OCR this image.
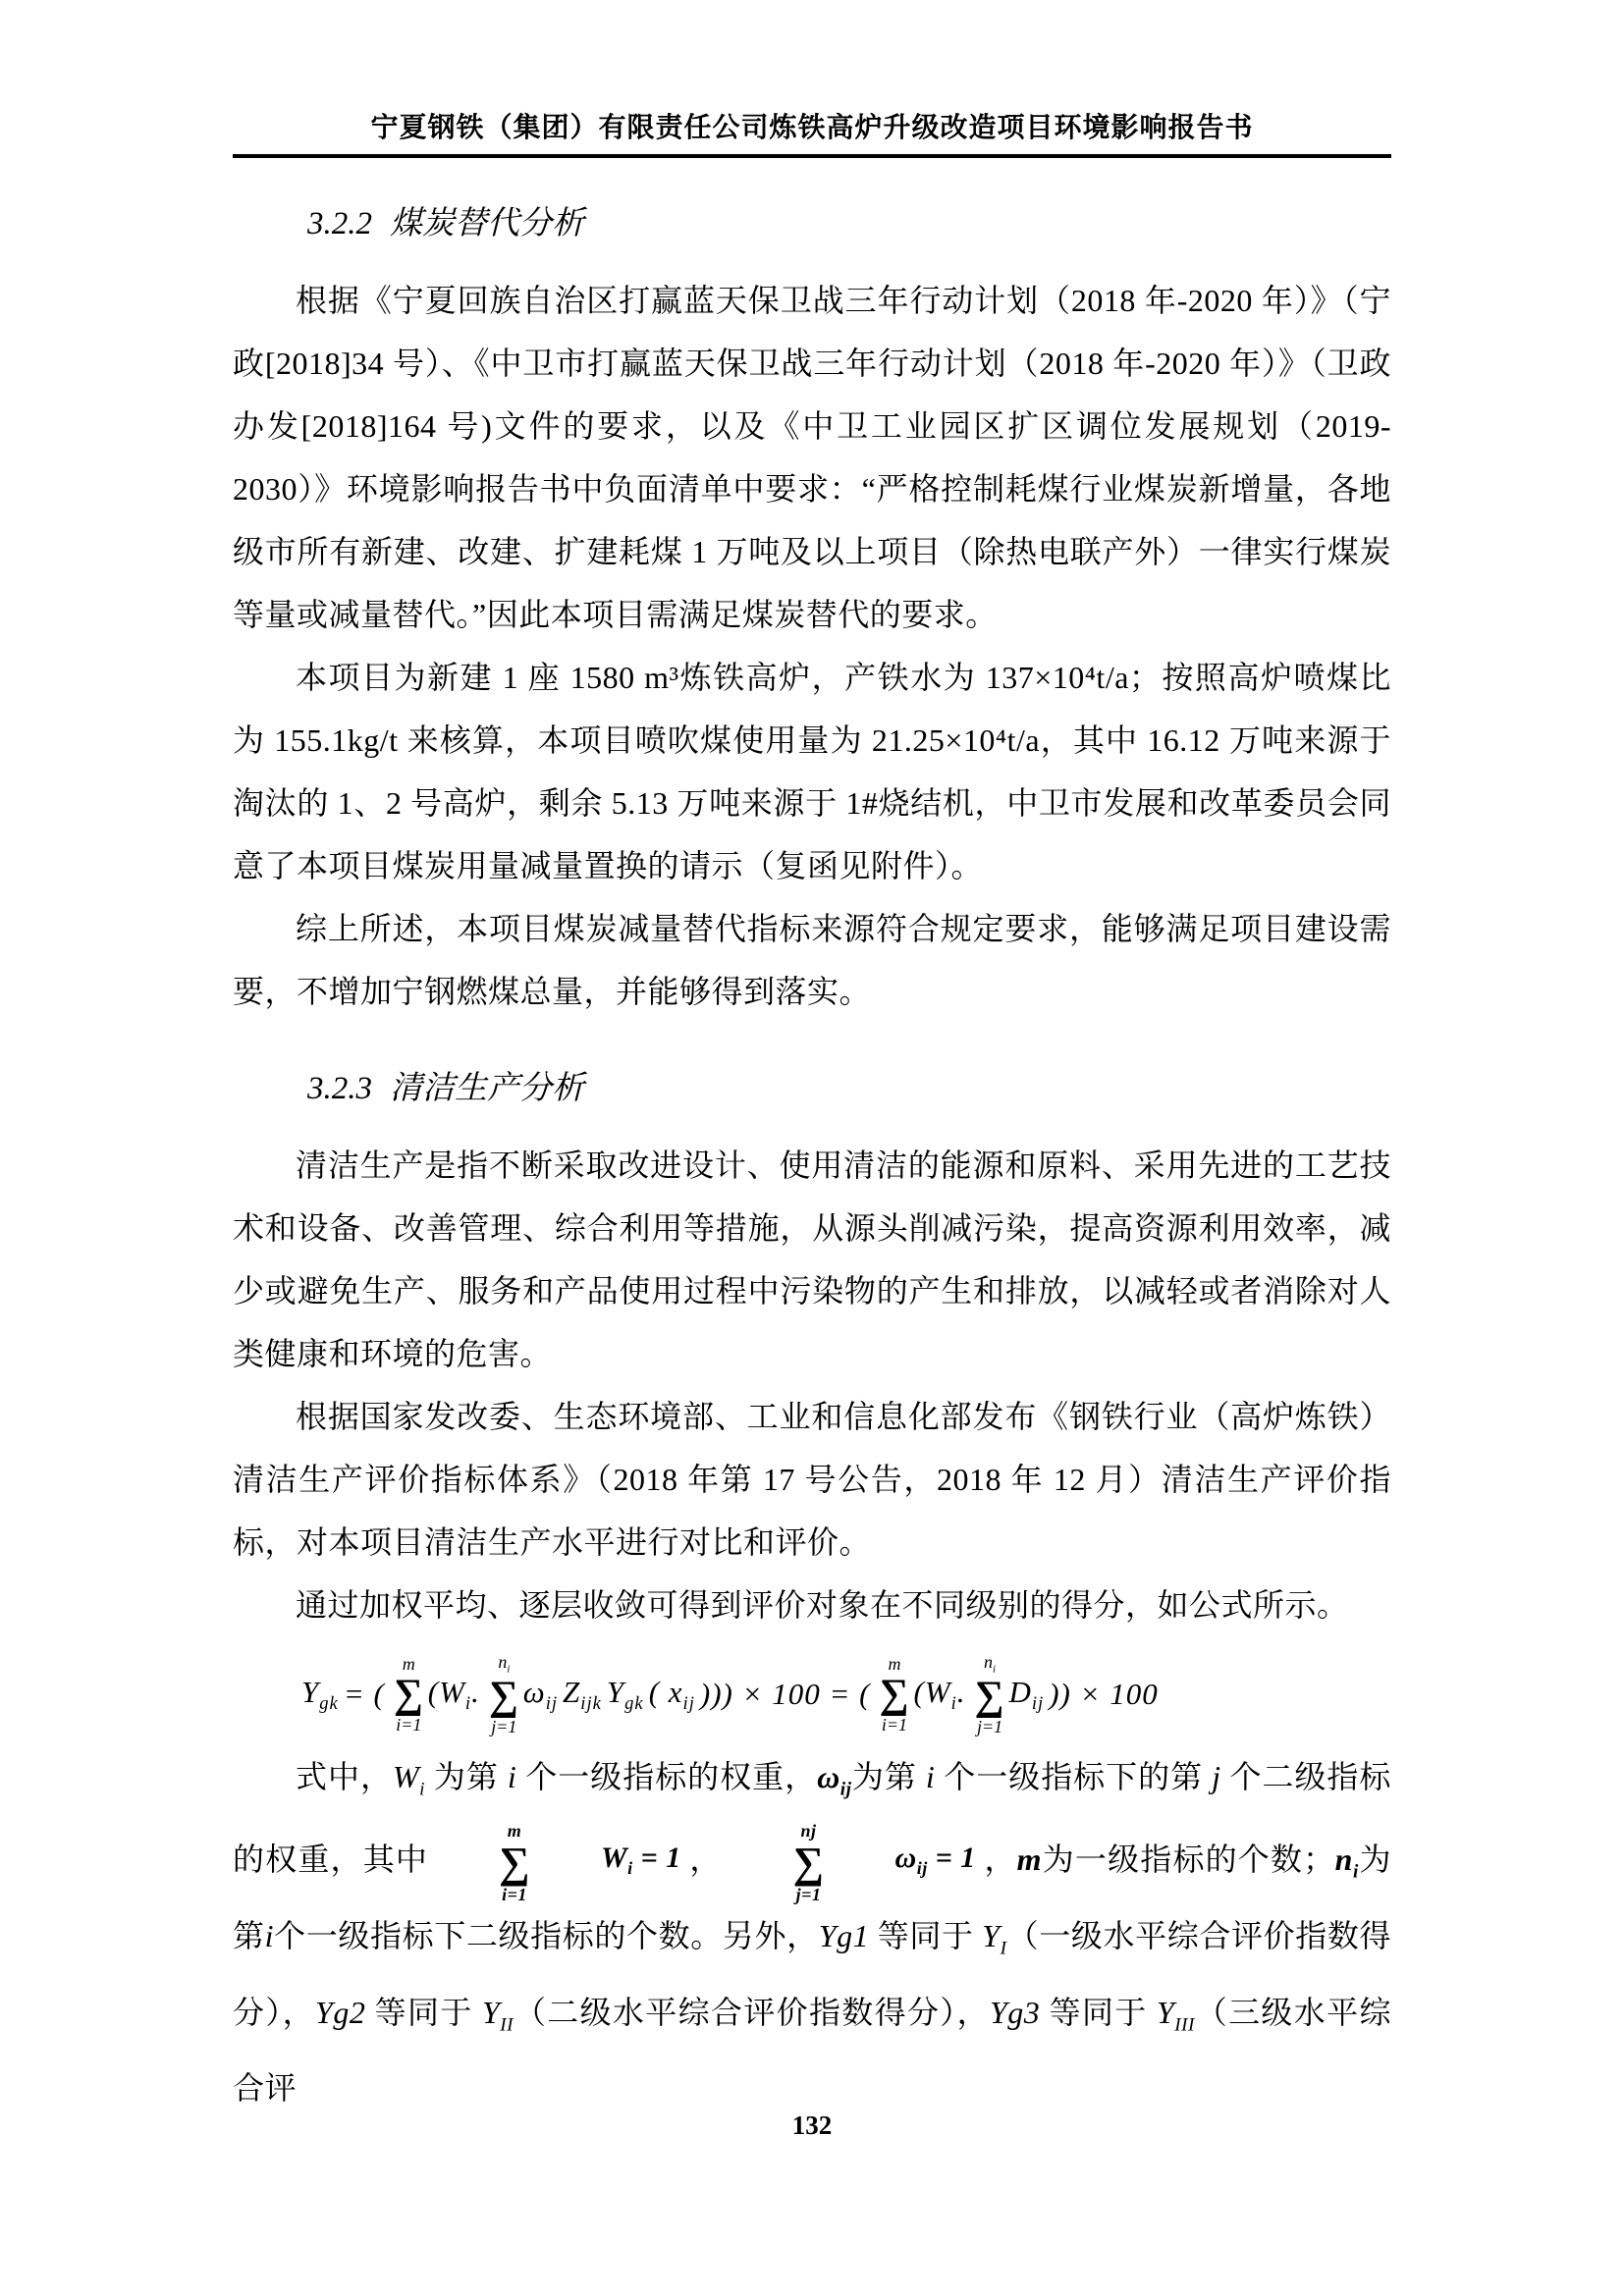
宁夏钢铁（集团）有限责任公司炼铁高炉升级改造项目环境影响报告书
3.2.2 煤炭替代分析

根据《宁夏回族自治区打赢蓝天保卫战三年行动计划（2018 年-2020 年）》（宁政[2018]34 号）、《中卫市打赢蓝天保卫战三年行动计划（2018 年-2020 年）》（卫政办发[2018]164 号)文件的要求，以及《中卫工业园区扩区调位发展规划（2019-2030）》环境影响报告书中负面清单中要求：“严格控制耗煤行业煤炭新增量，各地级市所有新建、改建、扩建耗煤 1 万吨及以上项目（除热电联产外）一律实行煤炭等量或减量替代。”因此本项目需满足煤炭替代的要求。

本项目为新建 1 座 1580 m³炼铁高炉，产铁水为 137×10⁴t/a；按照高炉喷煤比为 155.1kg/t 来核算，本项目喷吹煤使用量为 21.25×10⁴t/a，其中 16.12 万吨来源于淘汰的 1、2 号高炉，剩余 5.13 万吨来源于 1#烧结机，中卫市发展和改革委员会同意了本项目煤炭用量减量置换的请示（复函见附件）。

综上所述，本项目煤炭减量替代指标来源符合规定要求，能够满足项目建设需要，不增加宁钢燃煤总量，并能够得到落实。

3.2.3 清洁生产分析

清洁生产是指不断采取改进设计、使用清洁的能源和原料、采用先进的工艺技术和设备、改善管理、综合利用等措施，从源头削减污染，提高资源利用效率，减少或避免生产、服务和产品使用过程中污染物的产生和排放，以减轻或者消除对人类健康和环境的危害。

根据国家发改委、生态环境部、工业和信息化部发布《钢铁行业（高炉炼铁）清洁生产评价指标体系》（2018 年第 17 号公告，2018 年 12 月）清洁生产评价指标，对本项目清洁生产水平进行对比和评价。

通过加权平均、逐层收敛可得到评价对象在不同级别的得分，如公式所示。

$Y_{gk}$ = (
m
∑
i=1
($W_i$.
$n_i$
∑
j=1
$\omega_{ij}$ $Z_{ijk}$ $Y_{gk}$ ( $x_{ij}$ ))) × 100 = (
m
∑
i=1
($W_i$.
$n_i$
∑
j=1
$D_{ij}$ )) × 100

式中，$W_i$ 为第 i 个一级指标的权重，$\omega_{ij}$为第 i 个一级指标下的第 j 个二级指标的权重，其中
m
∑
i=1
$W_i = 1$ ，
nj
∑
j=1
$\omega_{ij} = 1$ ，m为一级指标的个数；$n_i$为第i个一级指标下二级指标的个数。另外，Yg1 等同于 $Y_I$（一级水平综合评价指数得分），Yg2 等同于 $Y_{II}$（二级水平综合评价指数得分），Yg3 等同于 $Y_{III}$（三级水平综合评

132
